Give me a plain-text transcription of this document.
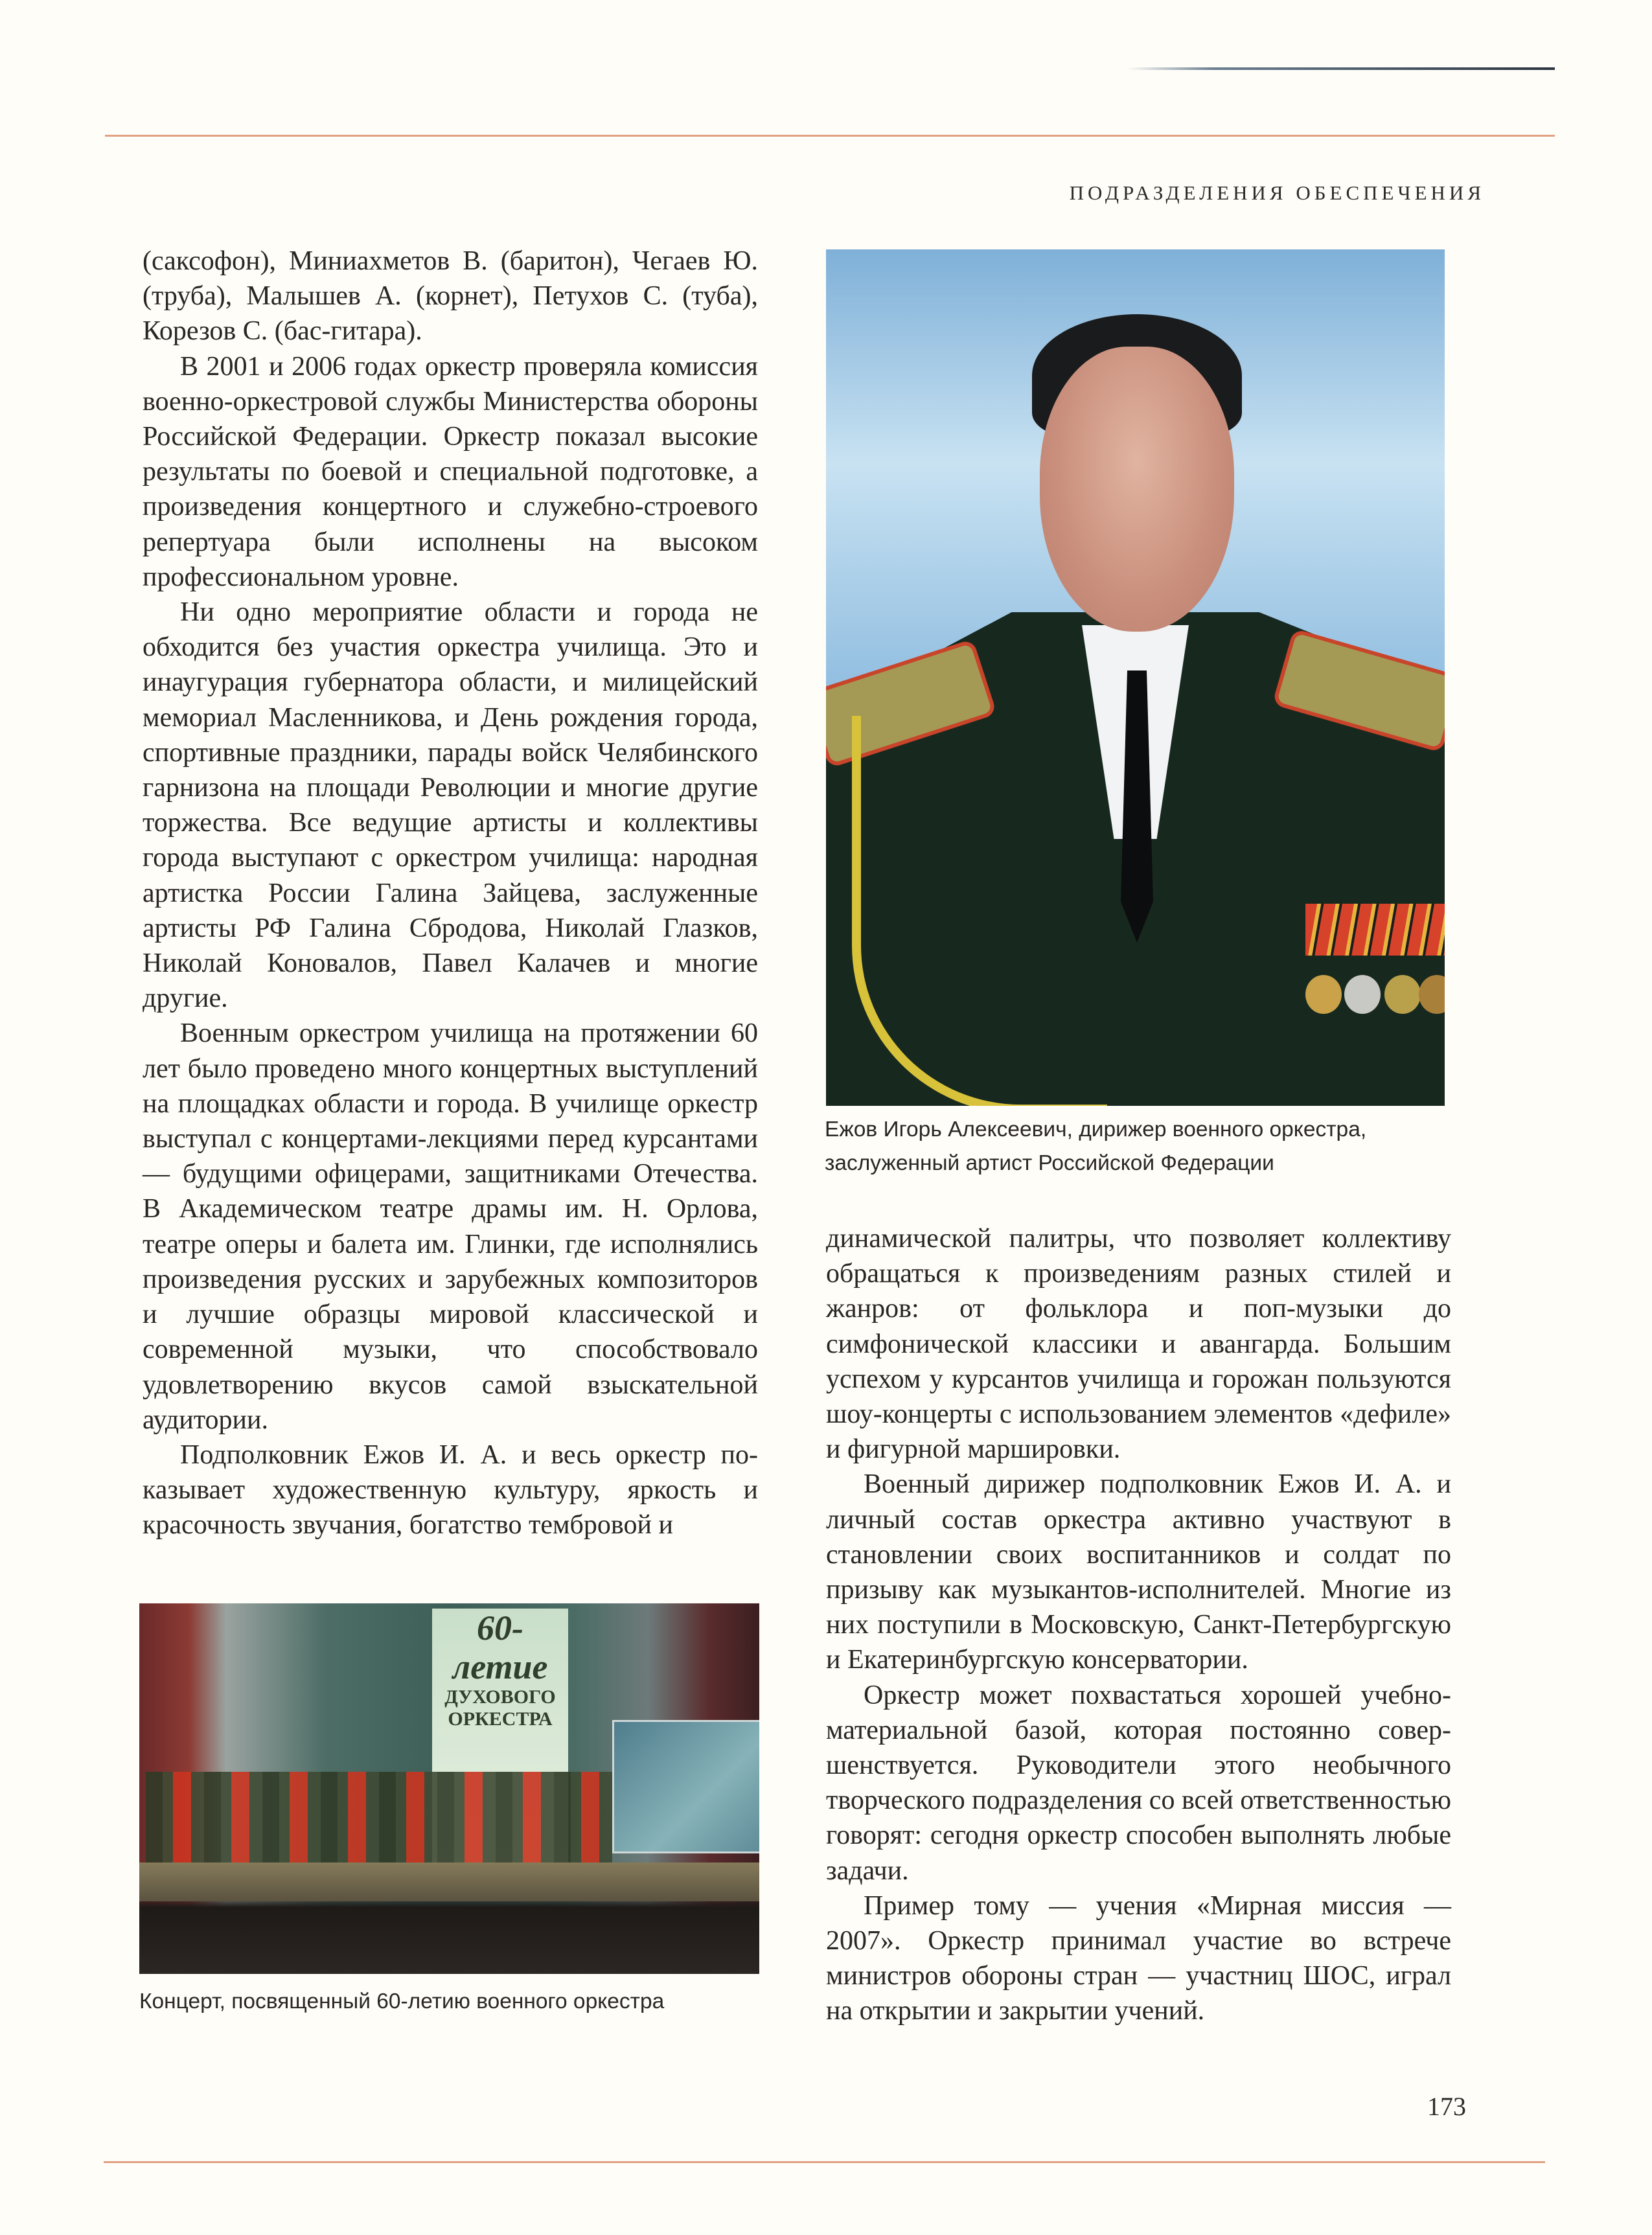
ПОДРАЗДЕЛЕНИЯ ОБЕСПЕЧЕНИЯ

(саксофон), Миниахметов В. (баритон), Чегаев Ю. (труба), Малышев А. (корнет), Петухов С. (туба), Корезов С. (бас-гитара).

В 2001 и 2006 годах оркестр проверяла комиссия военно-оркестровой службы Министерства обороны Российской Федерации. Оркестр показал высокие результаты по боевой и специальной подготовке, а произведения концертного и служебно-строевого репертуара были исполнены на высоком профессиональном уровне.

Ни одно мероприятие области и города не обходится без участия оркестра училища. Это и инаугурация губернатора области, и милицейский мемориал Масленникова, и День рождения города, спортивные праздники, парады войск Челябинского гарнизона на площади Революции и многие другие торжества. Все ведущие артисты и коллективы города выступают с оркестром училища: народная артистка России Галина Зайцева, заслуженные артисты РФ Галина Сбродова, Николай Глазков, Николай Коновалов, Павел Калачев и многие другие.

Военным оркестром училища на протяжении 60 лет было проведено много концертных выступлений на площадках области и города. В училище оркестр выступал с концертами-лекциями перед курсантами — будущими офицерами, защитниками Отечества. В Академическом театре драмы им. Н. Орлова, театре оперы и балета им. Глинки, где исполнялись произведения русских и зарубежных композиторов и лучшие образцы мировой классической и современной музыки, что способствовало удовлетворению вкусов самой взыскательной аудитории.

Подполковник Ежов И. А. и весь оркестр показывает художественную культуру, яркость и красочность звучания, богатство тембровой и

Ежов Игорь Алексеевич, дирижер военного оркестра,
заслуженный артист Российской Федерации

динамической палитры, что позволяет коллективу обращаться к произведениям разных стилей и жанров: от фольклора и поп-музыки до симфонической классики и авангарда. Большим успехом у курсантов училища и горожан пользуются шоу-концерты с использованием элементов «дефиле» и фигурной маршировки.

Военный дирижер подполковник Ежов И. А. и личный состав оркестра активно участвуют в становлении своих воспитанников и солдат по призыву как музыкантов-исполнителей. Многие из них поступили в Московскую, Санкт-Петербургскую и Екатеринбургскую консерватории.

Оркестр может похвастаться хорошей учебно-материальной базой, которая постоянно совершенствуется. Руководители этого необычного творческого подразделения со всей ответственностью говорят: сегодня оркестр способен выполнять любые задачи.

Пример тому — учения «Мирная миссия — 2007». Оркестр принимал участие во встрече министров обороны стран — участниц ШОС, играл на открытии и закрытии учений.

60-летие
ДУХОВОГО
ОРКЕСТРА
Концерт, посвященный 60-летию военного оркестра
173
